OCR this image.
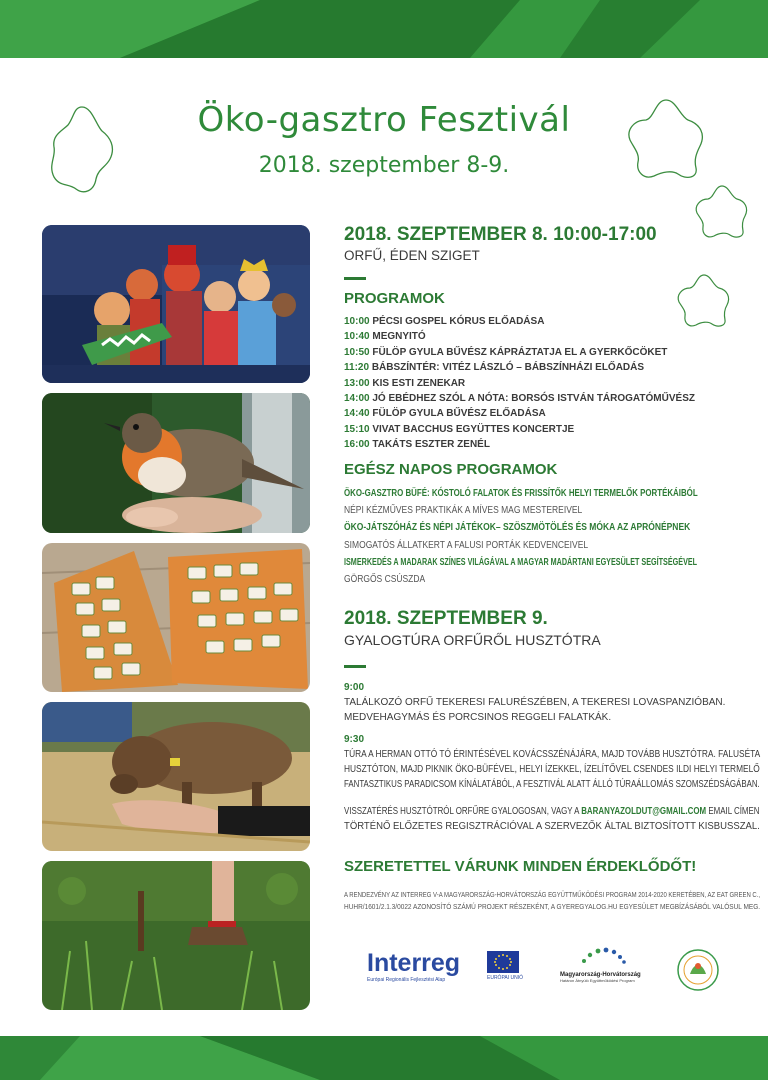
Öko-gasztro Fesztivál
2018. szeptember 8-9.
2018. SZEPTEMBER 8. 10:00-17:00
ORFŰ, ÉDEN SZIGET
PROGRAMOK
10:00 PÉCSI GOSPEL KÓRUS ELŐADÁSA
10:40 MEGNYITÓ
10:50 FÜLÖP GYULA BŰVÉSZ KÁPRÁZTATJA EL A GYERKŐCÖKET
11:20 BÁBSZÍNTÉR: VITÉZ LÁSZLÓ – BÁBSZÍNHÁZI ELŐADÁS
13:00 KIS ESTI ZENEKAR
14:00 JÓ EBÉDHEZ SZÓL A NÓTA: BORSÓS ISTVÁN TÁROGATÓMŰVÉSZ
14:40 FÜLÖP GYULA BŰVÉSZ ELŐADÁSA
15:10 VIVAT BACCHUS EGYÜTTES KONCERTJE
16:00 TAKÁTS ESZTER ZENÉL
EGÉSZ NAPOS PROGRAMOK
ÖKO-GASZTRO BÜFÉ: KÓSTOLÓ FALATOK ÉS FRISSÍTŐK HELYI TERMELŐK PORTÉKÁIBÓL
NÉPI KÉZMŰVES PRAKTIKÁK A MÍVES MAG MESTEREIVEL
ÖKO-JÁTSZÓHÁZ ÉS NÉPI JÁTÉKOK– SZÖSZMÖTÖLÉS ÉS MÓKA AZ APRÓNÉPNEK
SIMOGATÓS ÁLLATKERT A FALUSI PORTÁK KEDVENCEIVEL
ISMERKEDÉS A MADARAK SZÍNES VILÁGÁVAL A MAGYAR MADÁRTANI EGYESÜLET SEGÍTSÉGÉVEL
GÖRGŐS CSÚSZDA
2018. SZEPTEMBER 9.
GYALOGTÚRA ORFŰRŐL HUSZTÓTRA
9:00
TALÁLKOZÓ ORFŰ TEKERESI FALURÉSZÉBEN, A TEKERESI LOVASPANZIÓBAN.
MEDVEHAGYMÁS ÉS PORCSINOS REGGELI FALATKÁK.
9:30
TÚRA A HERMAN OTTÓ TÓ ÉRINTÉSÉVEL KOVÁCSSZÉNÁJÁRA, MAJD TOVÁBB HUSZTÓTRA. FALUSÉTA
HUSZTÓTON, MAJD PIKNIK ÖKO-BÜFÉVEL, HELYI ÍZEKKEL, ÍZELÍTŐVEL CSENDES ILDI HELYI TERMELŐ
FANTASZTIKUS PARADICSOM KÍNÁLATÁBÓL, A FESZTIVÁL ALATT ÁLLÓ TÚRAÁLLOMÁS SZOMSZÉDSÁGÁBAN.
VISSZATÉRÉS HUSZTÓTRÓL ORFŰRE GYALOGOSAN, VAGY A BARANYAZOLDUT@GMAIL.COM EMAIL CÍMEN
TÖRTÉNŐ ELŐZETES REGISZTRÁCIÓVAL A SZERVEZŐK ÁLTAL BIZTOSÍTOTT KISBUSSZAL.
SZERETETTEL VÁRUNK MINDEN ÉRDEKLŐDŐT!
A RENDEZVÉNY AZ INTERREG V-A MAGYARORSZÁG-HORVÁTORSZÁG EGYÜTTMŰKÖDÉSI PROGRAM 2014-2020 KERETÉBEN, AZ EAT GREEN C.,
HUHR/1601/2.1.3/0022 AZONOSÍTÓ SZÁMÚ PROJEKT RÉSZEKÉNT, A GYEREGYALOG.HU EGYESÜLET MEGBÍZÁSÁBÓL VALÓSUL MEG.
Interreg
Európai Regionális Fejlesztési Alap	EURÓPAI UNIÓ	Magyarország-Horvátország
Határon Átnyúló Együttműködési Program
